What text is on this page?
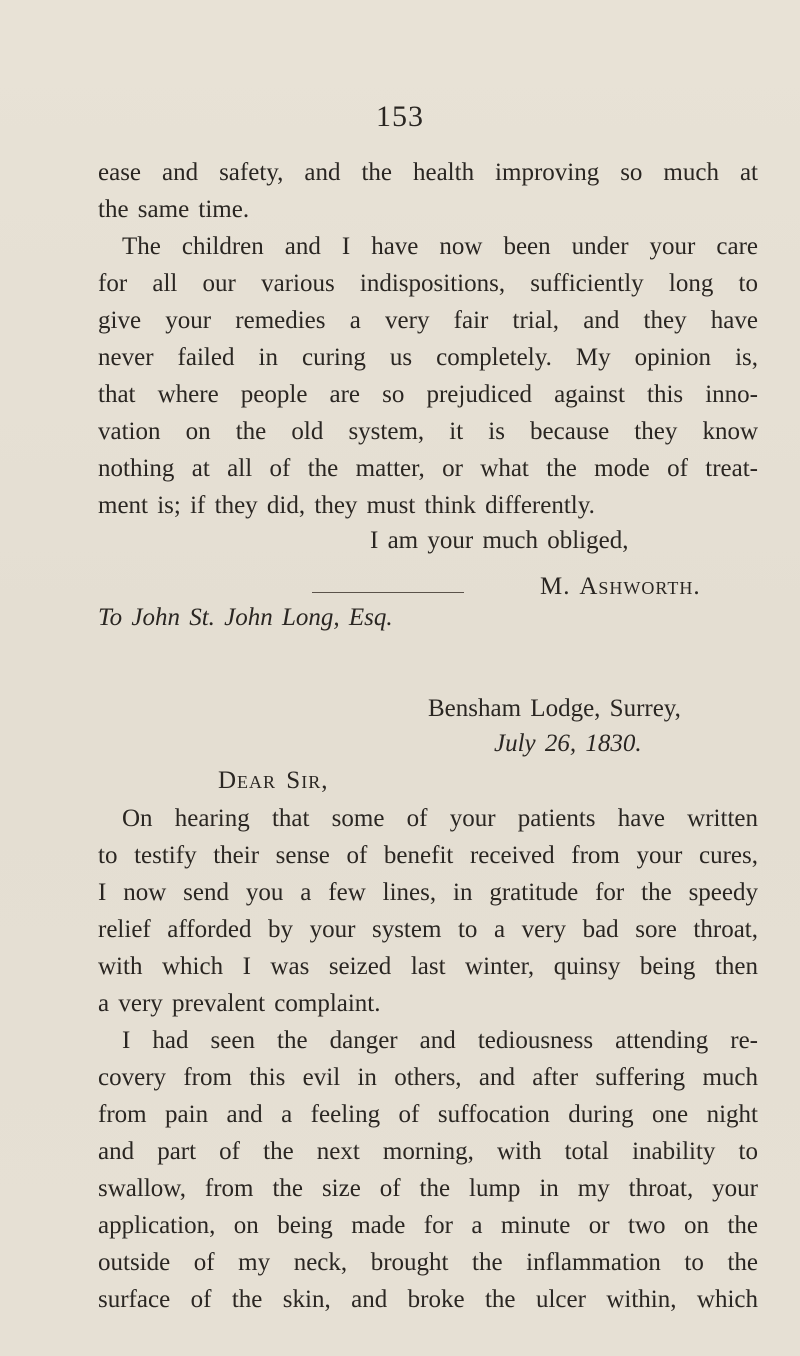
153
ease and safety, and the health improving so much at
the same time.
The children and I have now been under your care
for all our various indispositions, sufficiently long to
give your remedies a very fair trial, and they have
never failed in curing us completely. My opinion is,
that where people are so prejudiced against this inno-
vation on the old system, it is because they know
nothing at all of the matter, or what the mode of treat-
ment is; if they did, they must think differently.
I am your much obliged,
M. Ashworth.
To John St. John Long, Esq.
Bensham Lodge, Surrey,
July 26, 1830.
Dear Sir,
On hearing that some of your patients have written
to testify their sense of benefit received from your cures,
I now send you a few lines, in gratitude for the speedy
relief afforded by your system to a very bad sore throat,
with which I was seized last winter, quinsy being then
a very prevalent complaint.
I had seen the danger and tediousness attending re-
covery from this evil in others, and after suffering much
from pain and a feeling of suffocation during one night
and part of the next morning, with total inability to
swallow, from the size of the lump in my throat, your
application, on being made for a minute or two on the
outside of my neck, brought the inflammation to the
surface of the skin, and broke the ulcer within, which
